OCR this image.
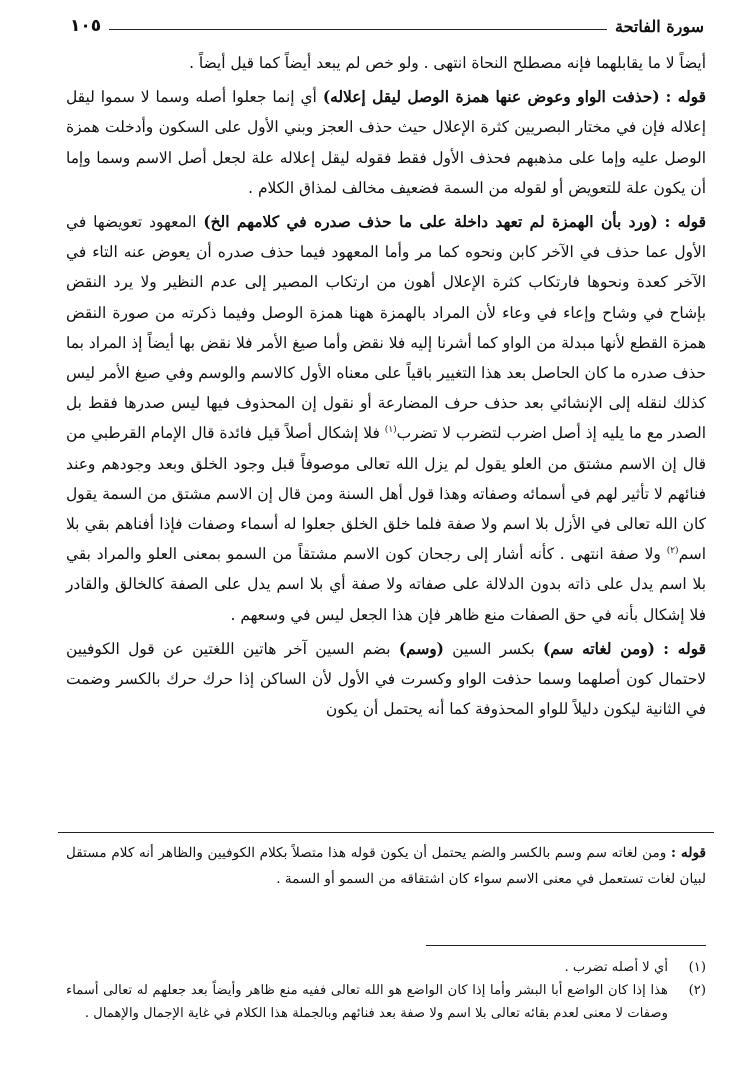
سورة الفاتحة
١٠٥

أيضاً لا ما يقابلهما فإنه مصطلح النحاة انتهى . ولو خص لم يبعد أيضاً كما قيل أيضاً .

قوله : (حذفت الواو وعوض عنها همزة الوصل ليقل إعلاله) أي إنما جعلوا أصله وسما لا سموا ليقل إعلاله فإن في مختار البصريين كثرة الإعلال حيث حذف العجز وبني الأول على السكون وأدخلت همزة الوصل عليه وإما على مذهبهم فحذف الأول فقط فقوله ليقل إعلاله علة لجعل أصل الاسم وسما وإما أن يكون علة للتعويض أو لقوله من السمة فضعيف مخالف لمذاق الكلام .

قوله : (ورد بأن الهمزة لم تعهد داخلة على ما حذف صدره في كلامهم الخ) المعهود تعويضها في الأول عما حذف في الآخر كابن ونحوه كما مر وأما المعهود فيما حذف صدره أن يعوض عنه التاء في الآخر كعدة ونحوها فارتكاب كثرة الإعلال أهون من ارتكاب المصير إلى عدم النظير ولا يرد النقض بإشاح في وشاح وإعاء في وعاء لأن المراد بالهمزة ههنا همزة الوصل وفيما ذكرته من صورة النقض همزة القطع لأنها مبدلة من الواو كما أشرنا إليه فلا نقض وأما صيغ الأمر فلا نقض بها أيضاً إذ المراد بما حذف صدره ما كان الحاصل بعد هذا التغيير باقياً على معناه الأول كالاسم والوسم وفي صيغ الأمر ليس كذلك لنقله إلى الإنشائي بعد حذف حرف المضارعة أو نقول إن المحذوف فيها ليس صدرها فقط بل الصدر مع ما يليه إذ أصل اضرب لتضرب لا تضرب$^{(١)}$ فلا إشكال أصلاً قيل فائدة قال الإمام القرطبي من قال إن الاسم مشتق من العلو يقول لم يزل الله تعالى موصوفاً قبل وجود الخلق وبعد وجودهم وعند فنائهم لا تأثير لهم في أسمائه وصفاته وهذا قول أهل السنة ومن قال إن الاسم مشتق من السمة يقول كان الله تعالى في الأزل بلا اسم ولا صفة فلما خلق الخلق جعلوا له أسماء وصفات فإذا أفناهم بقي بلا اسم$^{(٢)}$ ولا صفة انتهى . كأنه أشار إلى رجحان كون الاسم مشتقاً من السمو بمعنى العلو والمراد بقي بلا اسم يدل على ذاته بدون الدلالة على صفاته ولا صفة أي بلا اسم يدل على الصفة كالخالق والقادر فلا إشكال بأنه في حق الصفات منع ظاهر فإن هذا الجعل ليس في وسعهم .

قوله : (ومن لغاته سم) بكسر السين (وسم) بضم السين آخر هاتين اللغتين عن قول الكوفيين لاحتمال كون أصلهما وسما حذفت الواو وكسرت في الأول لأن الساكن إذا حرك حرك بالكسر وضمت في الثانية ليكون دليلاً للواو المحذوفة كما أنه يحتمل أن يكون

قوله : ومن لغاته سم وسم بالكسر والضم يحتمل أن يكون قوله هذا متصلاً بكلام الكوفيين والظاهر أنه كلام مستقل لبيان لغات تستعمل في معنى الاسم سواء كان اشتقاقه من السمو أو السمة .
(١)
أي لا أصله تضرب .
(٢)
هذا إذا كان الواضع أبا البشر وأما إذا كان الواضع هو الله تعالى ففيه منع ظاهر وأيضاً بعد جعلهم له تعالى أسماء وصفات لا معنى لعدم بقائه تعالى بلا اسم ولا صفة بعد فنائهم وبالجملة هذا الكلام في غاية الإجمال والإهمال .
